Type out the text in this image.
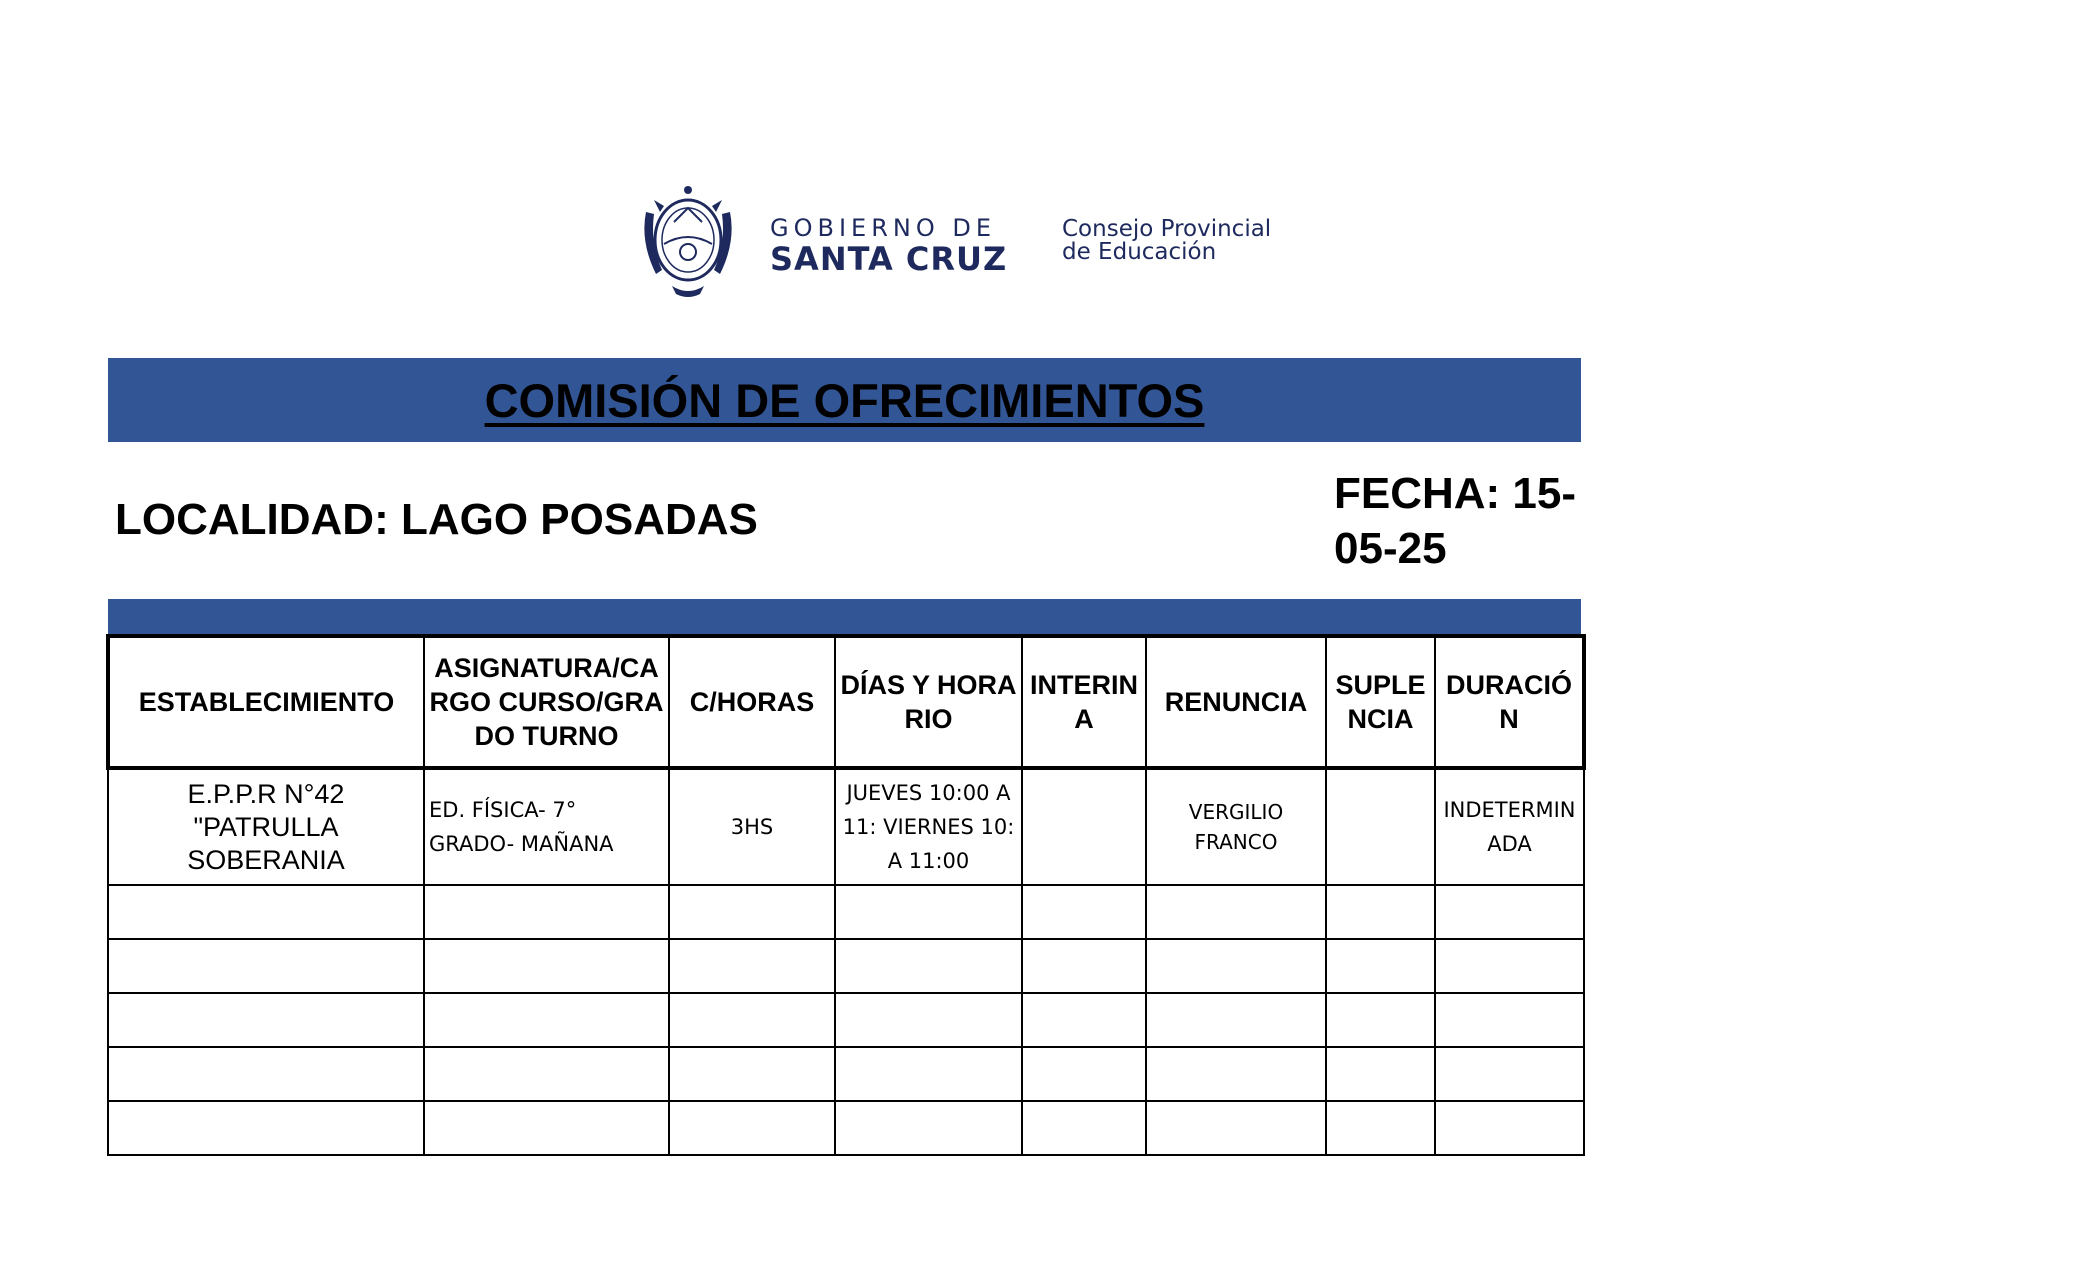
GOBIERNO DE
SANTA CRUZ
Consejo Provincial
de Educación
COMISIÓN DE OFRECIMIENTOS
LOCALIDAD: LAGO POSADAS
FECHA: 15-05-25
ESTABLECIMIENTO	ASIGNATURA/CARGO CURSO/GRADO TURNO	C/HORAS	DÍAS Y HORARIO	INTERINA	RENUNCIA	SUPLENCIA	DURACIÓN
E.P.P.R N°42 "PATRULLA SOBERANIA	ED. FÍSICA- 7° GRADO- MAÑANA	3HS	JUEVES 10:00 A 11: VIERNES 10: A 11:00		VERGILIO FRANCO		INDETERMINADA
